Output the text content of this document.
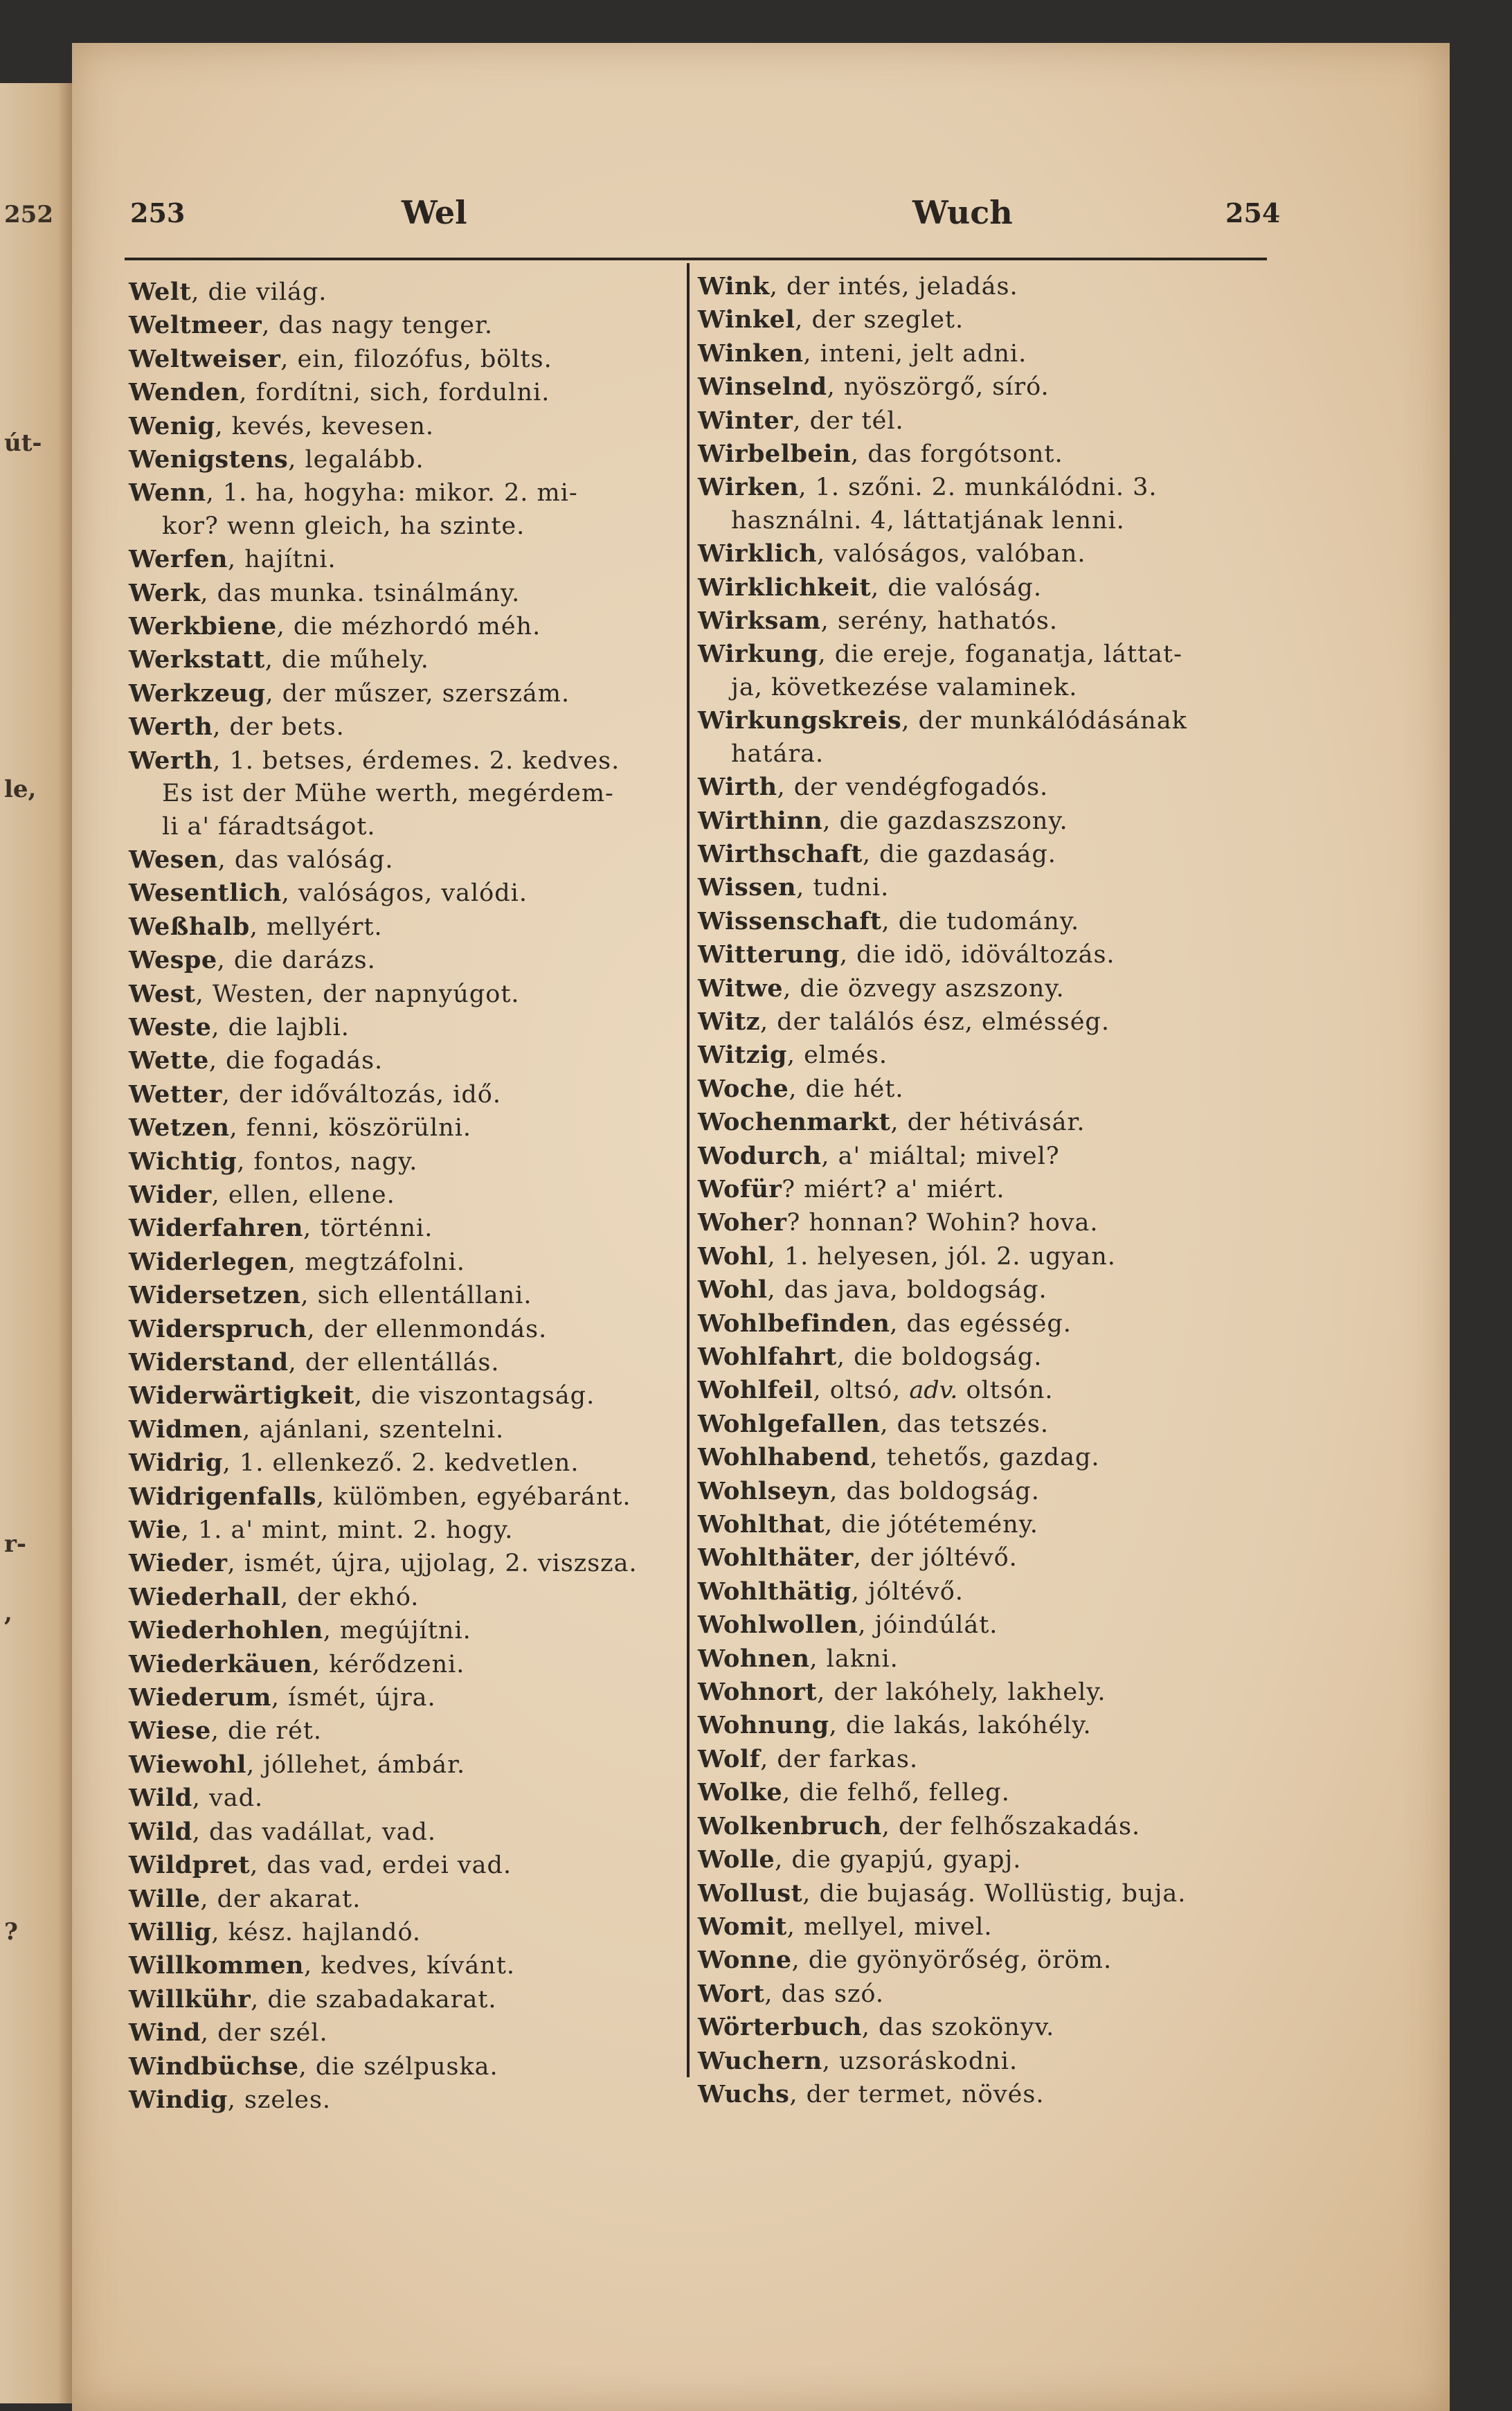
252
út-
le,
r-
,
?
253	Wel	Wuch	254
Welt, die világ.
Weltmeer, das nagy tenger.
Weltweiser, ein, filozófus, bölts.
Wenden, fordítni, sich, fordulni.
Wenig, kevés, kevesen.
Wenigstens, legalább.
Wenn, 1. ha, hogyha: mikor. 2. mi-
kor? wenn gleich, ha szinte.
Werfen, hajítni.
Werk, das munka. tsinálmány.
Werkbiene, die mézhordó méh.
Werkstatt, die műhely.
Werkzeug, der műszer, szerszám.
Werth, der bets.
Werth, 1. betses, érdemes. 2. kedves.
Es ist der Mühe werth, megérdem-
li a' fáradtságot.
Wesen, das valóság.
Wesentlich, valóságos, valódi.
Weßhalb, mellyért.
Wespe, die darázs.
West, Westen, der napnyúgot.
Weste, die lajbli.
Wette, die fogadás.
Wetter, der időváltozás, idő.
Wetzen, fenni, köszörülni.
Wichtig, fontos, nagy.
Wider, ellen, ellene.
Widerfahren, történni.
Widerlegen, megtzáfolni.
Widersetzen, sich ellentállani.
Widerspruch, der ellenmondás.
Widerstand, der ellentállás.
Widerwärtigkeit, die viszontagság.
Widmen, ajánlani, szentelni.
Widrig, 1. ellenkező. 2. kedvetlen.
Widrigenfalls, külömben, egyébaránt.
Wie, 1. a' mint, mint. 2. hogy.
Wieder, ismét, újra, ujjolag, 2. viszsza.
Wiederhall, der ekhó.
Wiederhohlen, megújítni.
Wiederkäuen, kérődzeni.
Wiederum, ísmét, újra.
Wiese, die rét.
Wiewohl, jóllehet, ámbár.
Wild, vad.
Wild, das vadállat, vad.
Wildpret, das vad, erdei vad.
Wille, der akarat.
Willig, kész. hajlandó.
Willkommen, kedves, kívánt.
Willkühr, die szabadakarat.
Wind, der szél.
Windbüchse, die szélpuska.
Windig, szeles.
Wink, der intés, jeladás.
Winkel, der szeglet.
Winken, inteni, jelt adni.
Winselnd, nyöszörgő, síró.
Winter, der tél.
Wirbelbein, das forgótsont.
Wirken, 1. szőni. 2. munkálódni. 3.
használni. 4, láttatjának lenni.
Wirklich, valóságos, valóban.
Wirklichkeit, die valóság.
Wirksam, serény, hathatós.
Wirkung, die ereje, foganatja, láttat-
ja, következése valaminek.
Wirkungskreis, der munkálódásának
határa.
Wirth, der vendégfogadós.
Wirthinn, die gazdaszszony.
Wirthschaft, die gazdaság.
Wissen, tudni.
Wissenschaft, die tudomány.
Witterung, die idö, idöváltozás.
Witwe, die özvegy aszszony.
Witz, der találós ész, elmésség.
Witzig, elmés.
Woche, die hét.
Wochenmarkt, der hétivásár.
Wodurch, a' miáltal; mivel?
Wofür? miért? a' miért.
Woher? honnan? Wohin? hova.
Wohl, 1. helyesen, jól. 2. ugyan.
Wohl, das java, boldogság.
Wohlbefinden, das egésség.
Wohlfahrt, die boldogság.
Wohlfeil, oltsó, adv. oltsón.
Wohlgefallen, das tetszés.
Wohlhabend, tehetős, gazdag.
Wohlseyn, das boldogság.
Wohlthat, die jótétemény.
Wohlthäter, der jóltévő.
Wohlthätig, jóltévő.
Wohlwollen, jóindúlát.
Wohnen, lakni.
Wohnort, der lakóhely, lakhely.
Wohnung, die lakás, lakóhély.
Wolf, der farkas.
Wolke, die felhő, felleg.
Wolkenbruch, der felhőszakadás.
Wolle, die gyapjú, gyapj.
Wollust, die bujaság. Wollüstig, buja.
Womit, mellyel, mivel.
Wonne, die gyönyörőség, öröm.
Wort, das szó.
Wörterbuch, das szokönyv.
Wuchern, uzsoráskodni.
Wuchs, der termet, növés.
